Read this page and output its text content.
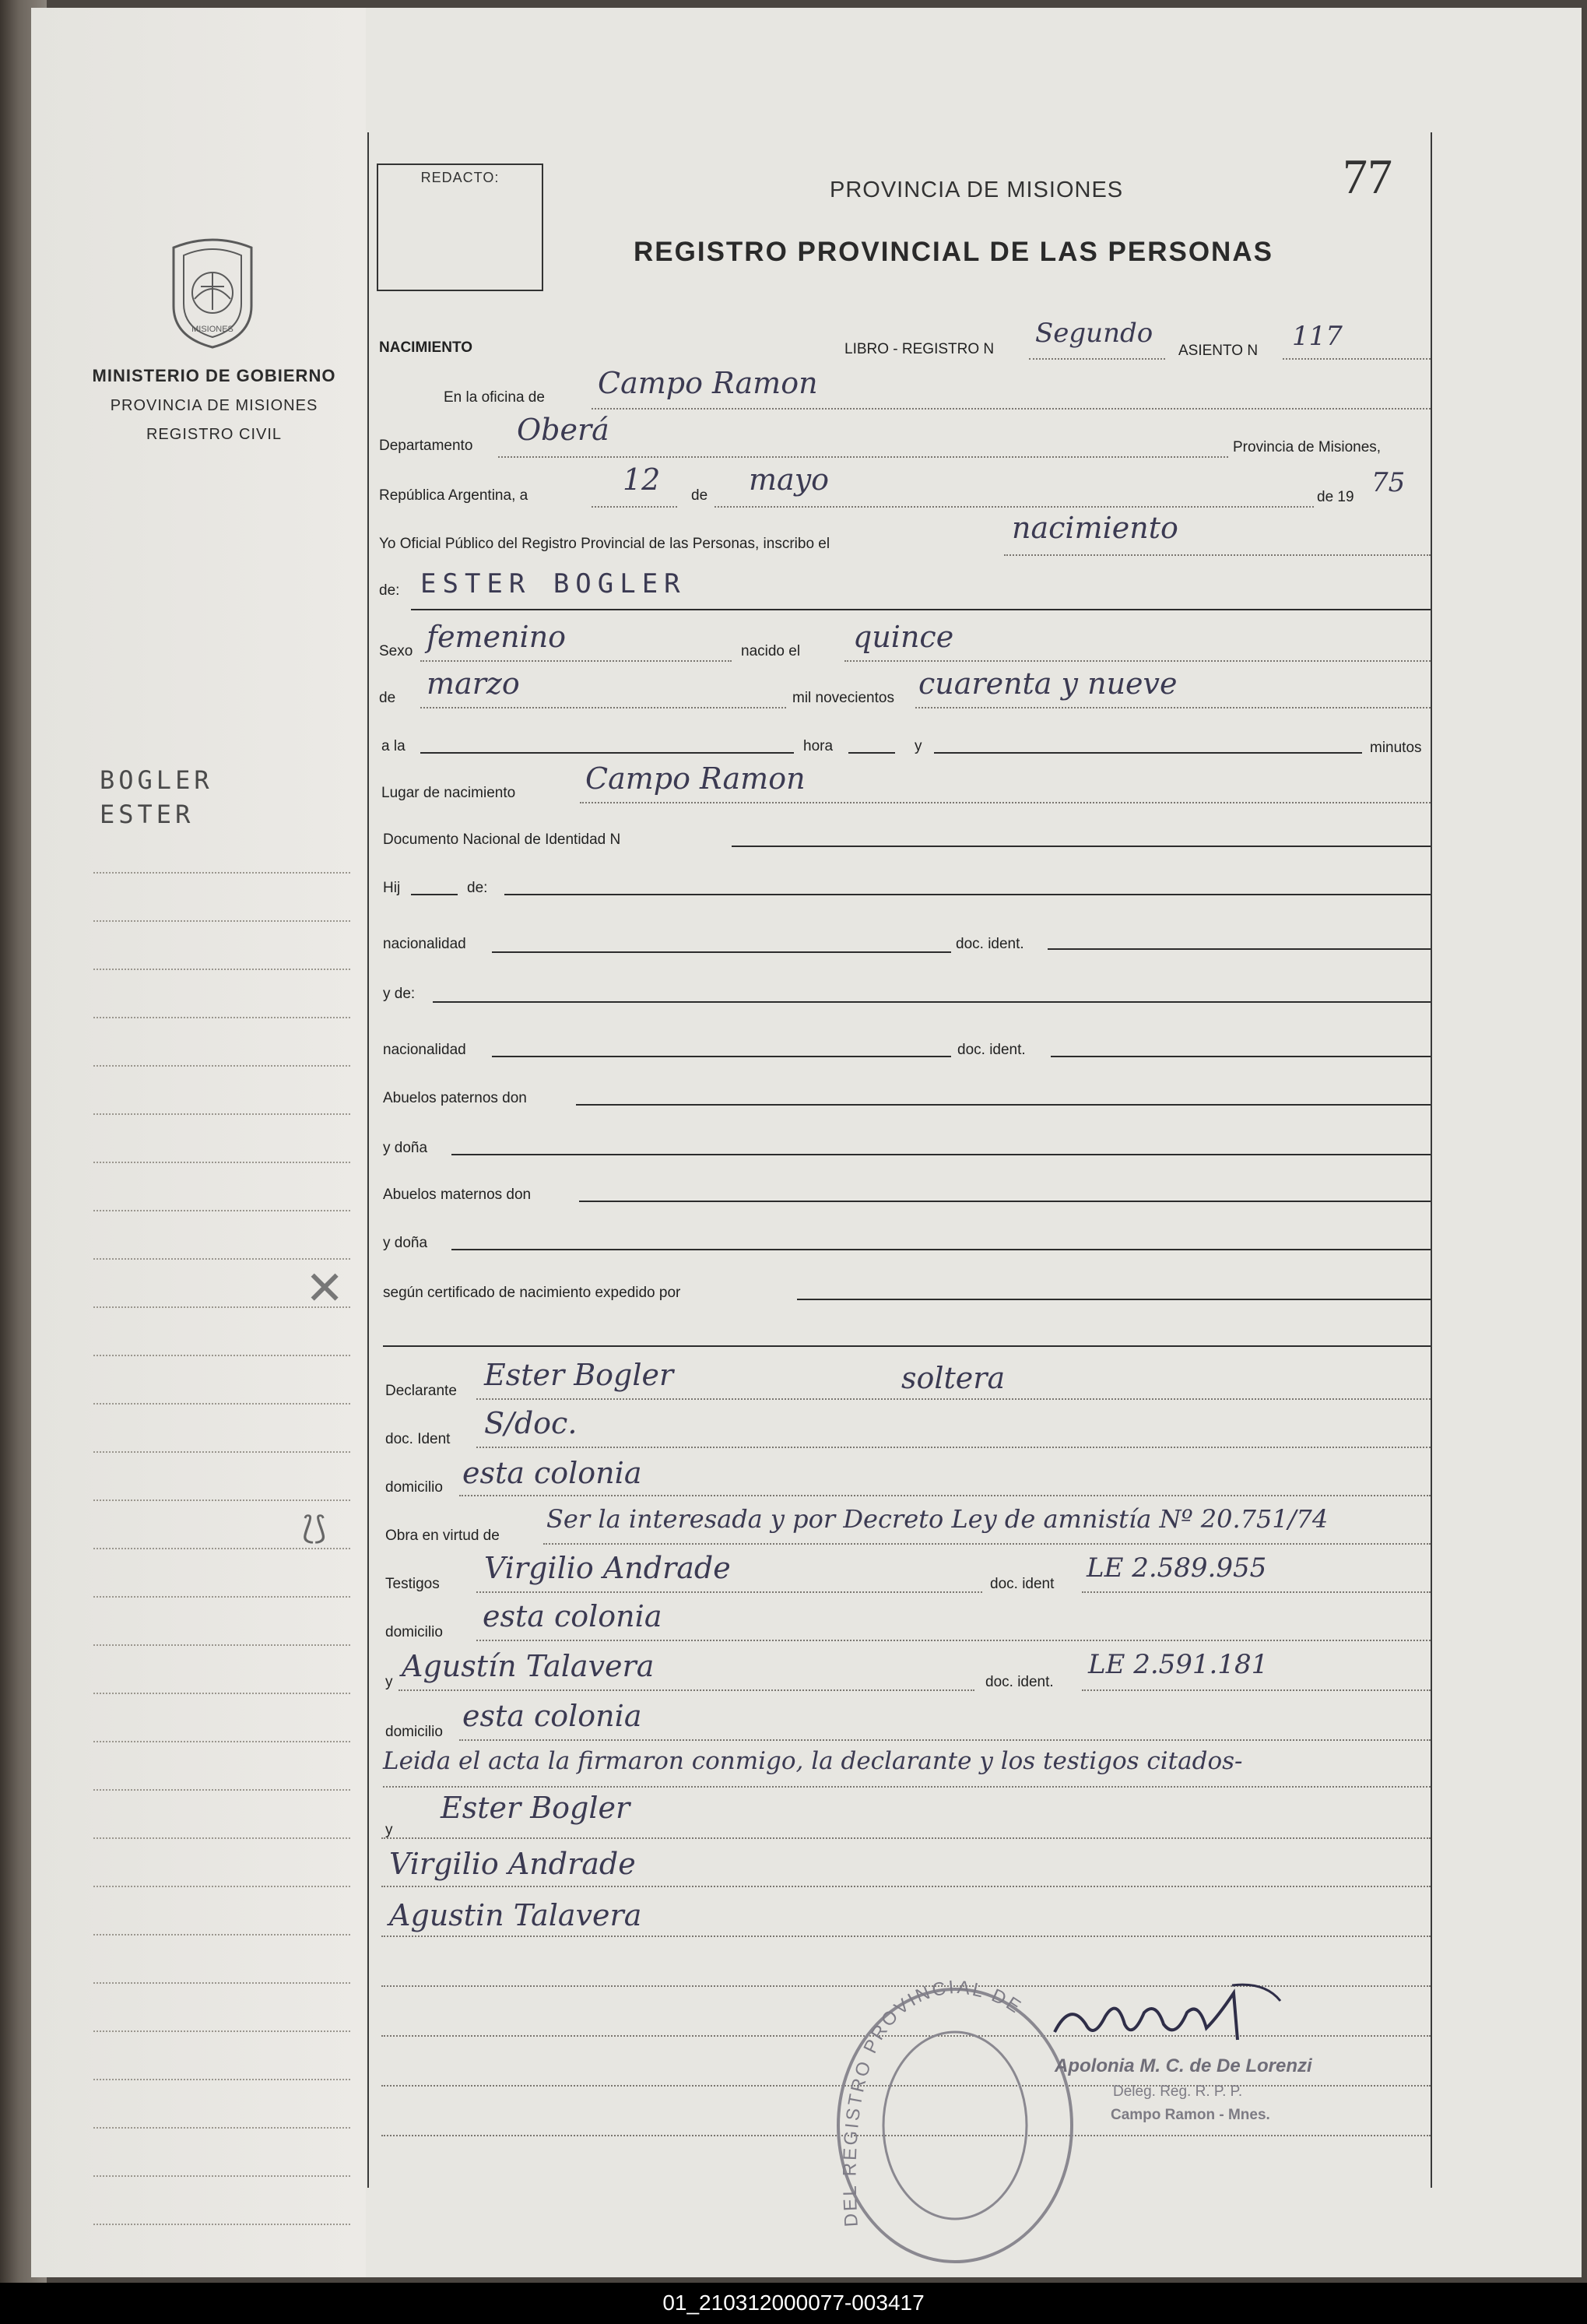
MISIONES
MINISTERIO DE GOBIERNO
PROVINCIA DE MISIONES
REGISTRO CIVIL
BOGLER
ESTER
✕
⟅⟆
REDACTO:	77
PROVINCIA DE MISIONES
REGISTRO PROVINCIAL DE LAS PERSONAS
NACIMIENTO	LIBRO - REGISTRO N
Segundo
ASIENTO N 117
En la oficina de Campo Ramon
Departamento Oberá
Provincia de Misiones,
República Argentina, a	12 de mayo
de 19 75
Yo Oficial Público del Registro Provincial de las Personas, inscribo el	nacimiento
de: ESTER BOGLER
Sexo femenino	nacido el quince
de marzo	mil novecientos cuarenta y nueve
a la	hora	y	minutos
Lugar de nacimiento Campo Ramon
Documento Nacional de Identidad N
Hij	de:
nacionalidad	doc. ident.
y de:
nacionalidad	doc. ident.
Abuelos paternos don
y doña
Abuelos maternos don
y doña
según certificado de nacimiento expedido por
Declarante Ester Bogler	soltera
doc. Ident S/doc.
domicilio esta colonia
Obra en virtud de
Ser la interesada y por Decreto Ley de amnistía Nº 20.751/74
Testigos Virgilio Andrade	doc. ident
LE 2.589.955
domicilio esta colonia
y Agustín Talavera	doc. ident.
LE 2.591.181
domicilio esta colonia
Leida el acta la firmaron conmigo, la declarante y los testigos citados-
y
Ester Bogler
Virgilio Andrade
Agustin Talavera
DEL REGISTRO PROVINCIAL DE
Apolonia M. C. de De Lorenzi
Deleg. Reg. R. P. P.
Campo Ramon - Mnes.
01_210312000077-003417
